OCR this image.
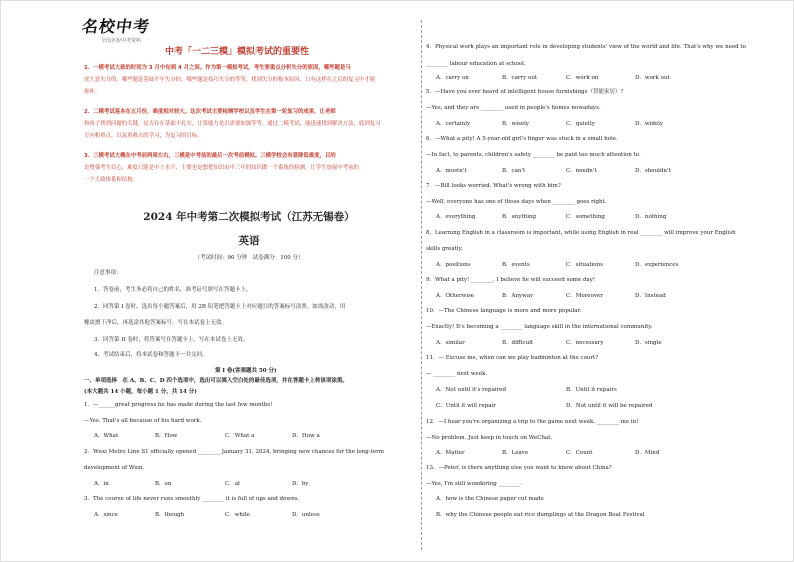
名校中考
全国名校中考资料
中考「一二三模」模拟考试的重要性
1．一模考试大致的时间为 3 月中旬到 4 月之间。作为第一模拟考试，考生要重点分析失分的原因，哪些题是马
虎大意失分的，哪些题是基础不牢失分的，哪些题是技巧失分的等等，找到失分的根本原因，只有这样在之后的复习中才能
弥补。
2．二模考试基本在五月份，难度相对较大。这次考试主要检测学校以及学生在第一轮复习的成果，让老师
和孩子找到问题的关键，是否存在基础不扎实，计算能力是否需要加强等等。通过二模考试，能迅速找到解决方法，底到复习
方向和重点，以及重难点的学习，为复习的目标。
3．三模考试大概在中考前两周左右，三模是中考前的最后一次考前模拟。三模学校会有意降低难度，目的
是增强考生信心，难度只能是中上水平，主要也是想把知识由中三年的知识做一个系统的检测，让学生加强中考前的
一个大致体系和结构。
2024 年中考第二次模拟考试（江苏无锡卷）
英语
（考试时间：90 分钟　试卷满分：100 分）
注意事项：
1．答卷前，考生务必将自己的姓名、准考证号填写在答题卡上。
2．回答第 I 卷时，选出每小题答案后，用 2B 铅笔把答题卡上对应题目的答案标号涂黑。如需改动，用
橡皮擦干净后，再选涂其他答案标号。写在本试卷上无效。
3．回答第 II 卷时，将答案写在答题卡上，写在本试卷上无效。
4．考试结束后，将本试卷和答题卡一并交回。
第 I 卷(客观题共 50 分)
一、单项选择　在 A、B、C、D 四个选项中，选出可以填入空白处的最佳选项，并在答题卡上将该项涂黑。
(本大题共 14 小题，每小题 1 分，共 14 分)
1．—______great progress he has made during the last few months!
—Yes. That's all because of his hard work.
A．What	B．How	C．What a	D．How a
2．Wuxi Metro Line S1 officially opened ________ January 31, 2024, bringing new chances for the long-term
development of Wuxi.
A．in	B．on	C．at	D．by
3．The course of life never runs smoothly ________ it is full of ups and downs.
A．since	B．though	C．while	D．unless
4．Physical work plays an important role in developing students' view of the world and life. That's why we need to
________ labour education at school.
A．carry on	B．carry out	C．work on	D．work out
5．—Have you ever heard of intelligent house furnishings（智能家居）?
—Yes, and they are ________ used in people's homes nowadays.
A．certainly	B．wisely	C．quietly	D．widely
6．—What a pity! A 5-year-old girl's finger was stuck in a small hole.
—In fact, to parents, children's safety ________ be paid too much attention to.
A．mustn't	B．can't	C．needn't	D．shouldn't
7．—Bill looks worried. What's wrong with him?
—Well, everyone has one of those days when ________ goes right.
A．everything	B．anything	C．something	D．nothing
8．Learning English in a classroom is important, while using English in real ________ will improve your English
skills greatly.
A．positions	B．events	C．situations	D．experiences
9．What a pity! ________, I believe he will succeed some day!
A．Otherwise	B．Anyway	C．Moreover	D．Instead
10．—The Chinese language is more and more popular.
—Exactly! It's becoming a ________ language skill in the international community.
A．similar	B．difficult	C．necessary	D．single
11．— Excuse me, when can we play badminton at the court?
— ________ next week.
A．Not until it's repaired	B．Until it repairs
C．Until it will repair	D．Not until it will be repaired
12．—I hear you're organizing a trip to the game next week. ________ me in!
—No problem. Just keep in touch on WeChat.
A．Matter	B．Leave	C．Count	D．Mind
13．—Peter, is there anything else you want to know about China?
—Yes, I'm still wondering ________.
A．how is the Chinese paper cut made
B．why the Chinese people eat rice dumplings at the Dragon Boat Festival
